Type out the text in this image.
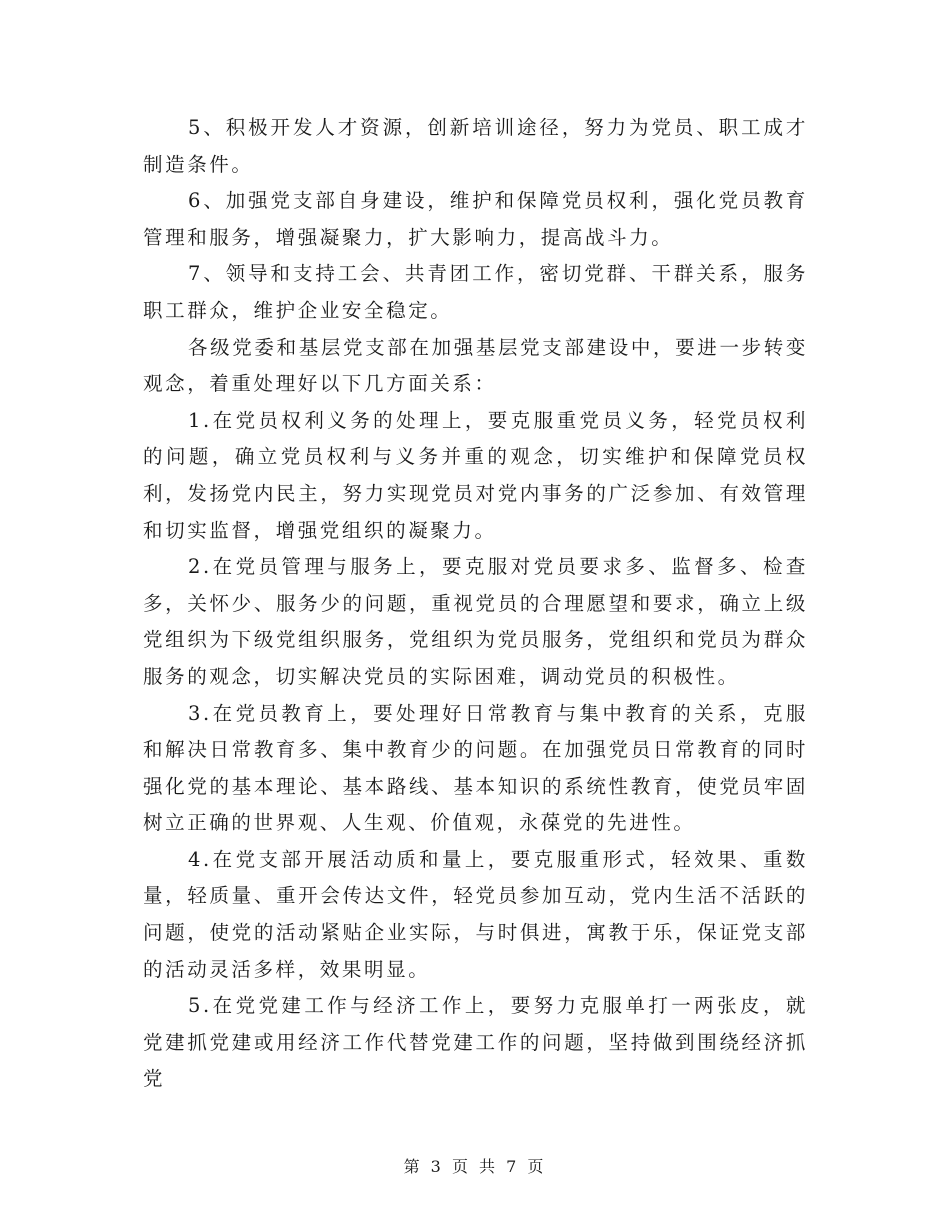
5、积极开发人才资源，创新培训途径，努力为党员、职工成才制造条件。

6、加强党支部自身建设，维护和保障党员权利，强化党员教育管理和服务，增强凝聚力，扩大影响力，提高战斗力。

7、领导和支持工会、共青团工作，密切党群、干群关系，服务职工群众，维护企业安全稳定。

各级党委和基层党支部在加强基层党支部建设中，要进一步转变观念，着重处理好以下几方面关系：

1.在党员权利义务的处理上，要克服重党员义务，轻党员权利的问题，确立党员权利与义务并重的观念，切实维护和保障党员权利，发扬党内民主，努力实现党员对党内事务的广泛参加、有效管理和切实监督，增强党组织的凝聚力。

2.在党员管理与服务上，要克服对党员要求多、监督多、检查多，关怀少、服务少的问题，重视党员的合理愿望和要求，确立上级党组织为下级党组织服务，党组织为党员服务，党组织和党员为群众服务的观念，切实解决党员的实际困难，调动党员的积极性。

3.在党员教育上，要处理好日常教育与集中教育的关系，克服和解决日常教育多、集中教育少的问题。在加强党员日常教育的同时强化党的基本理论、基本路线、基本知识的系统性教育，使党员牢固树立正确的世界观、人生观、价值观，永葆党的先进性。

4.在党支部开展活动质和量上，要克服重形式，轻效果、重数量，轻质量、重开会传达文件，轻党员参加互动，党内生活不活跃的问题，使党的活动紧贴企业实际，与时俱进，寓教于乐，保证党支部的活动灵活多样，效果明显。

5.在党党建工作与经济工作上，要努力克服单打一两张皮，就党建抓党建或用经济工作代替党建工作的问题，坚持做到围绕经济抓党

第 3 页 共 7 页
